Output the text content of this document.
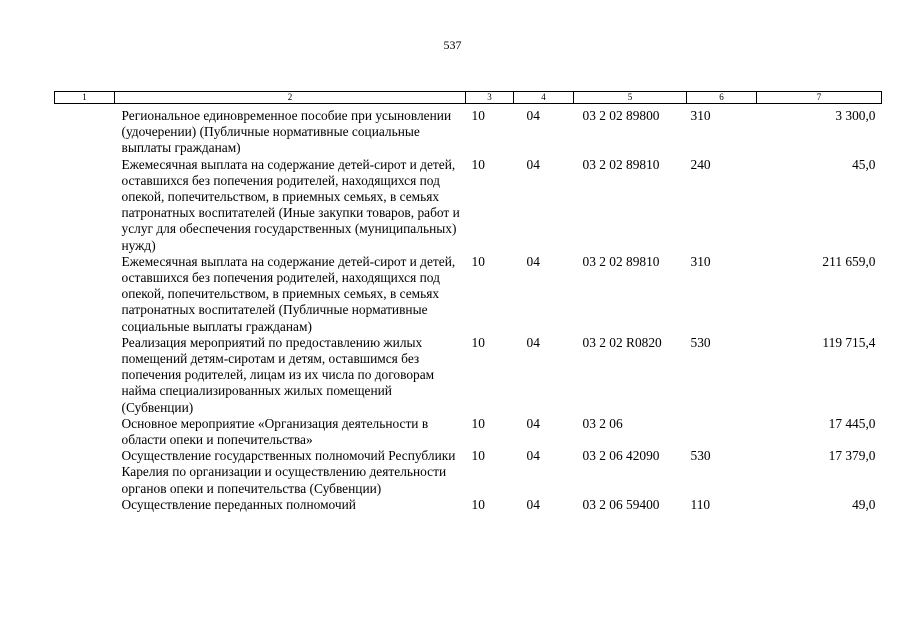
537
1	2	3	4	5	6	7
	Региональное единовременное пособие при усыновлении (удочерении) (Публичные нормативные социальные выплаты гражданам)	10	04	03 2 02 89800	310	3 300,0
	Ежемесячная выплата на содержание детей-сирот и детей, оставшихся без попечения родителей, находящихся под опекой, попечительством, в приемных семьях, в семьях патронатных воспитателей (Иные закупки товаров, работ и услуг для обеспечения государственных (муниципальных) нужд)	10	04	03 2 02 89810	240	45,0
	Ежемесячная выплата на содержание детей-сирот и детей, оставшихся без попечения родителей, находящихся под опекой, попечительством, в приемных семьях, в семьях патронатных воспитателей (Публичные нормативные социальные выплаты гражданам)	10	04	03 2 02 89810	310	211 659,0
	Реализация мероприятий по предоставлению жилых помещений детям-сиротам и детям, оставшимся без попечения родителей, лицам из их числа по договорам найма специализированных жилых помещений (Субвенции)	10	04	03 2 02 R0820	530	119 715,4
	Основное мероприятие «Организация деятельности в области опеки и попечительства»	10	04	03 2 06		17 445,0
	Осуществление государственных полномочий Республики Карелия по организации и осуществлению деятельности органов опеки и попечительства (Субвенции)	10	04	03 2 06 42090	530	17 379,0
	Осуществление переданных полномочий	10	04	03 2 06 59400	110	49,0
